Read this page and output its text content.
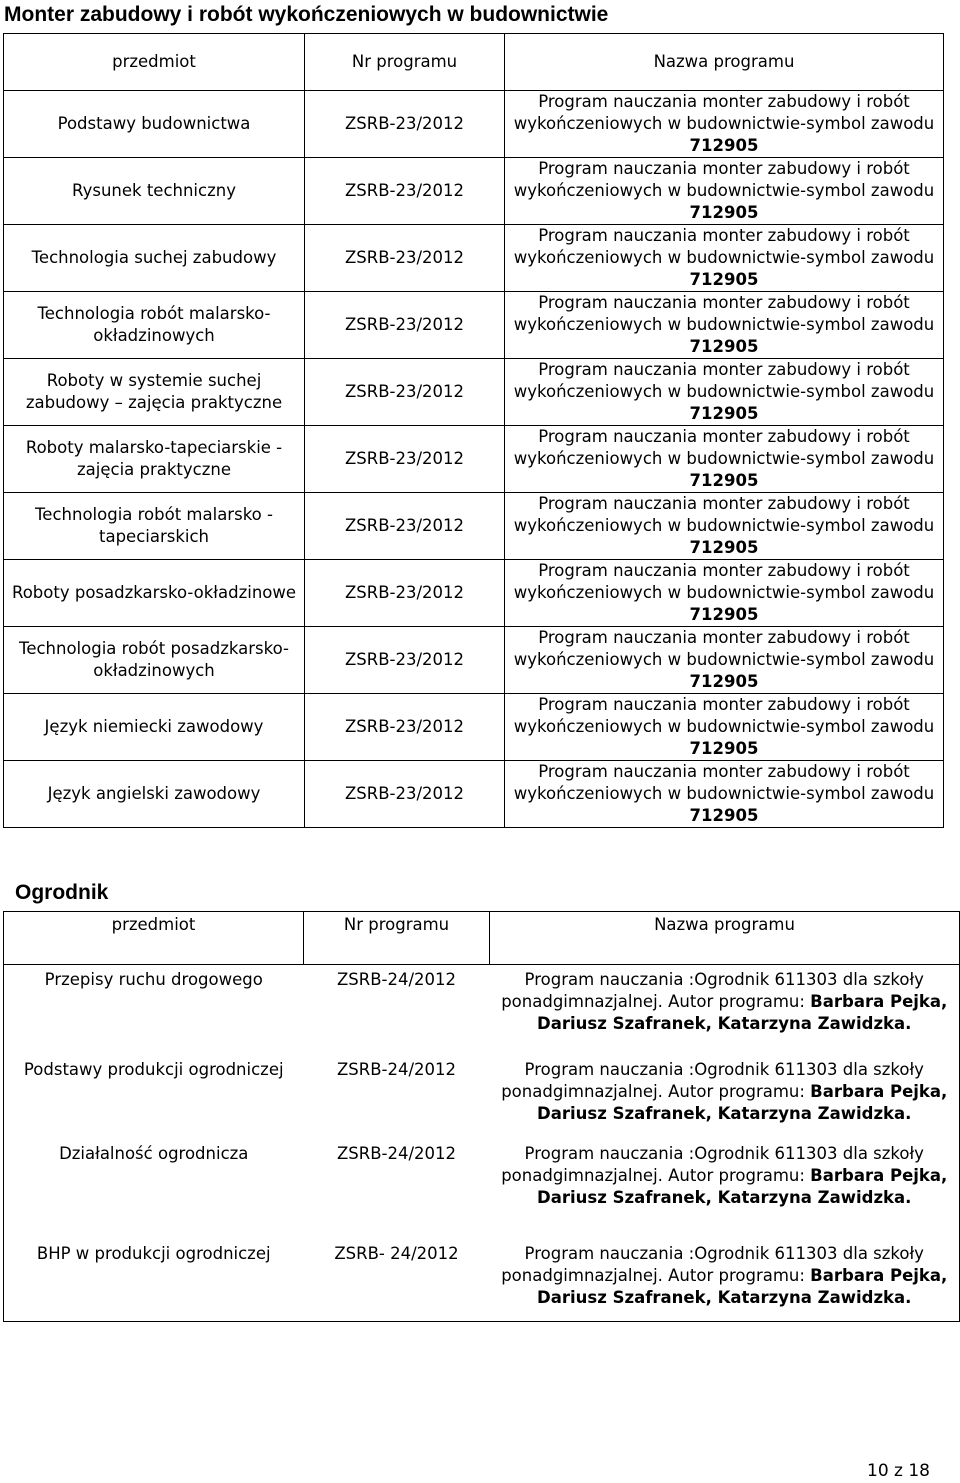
Monter zabudowy i robót wykończeniowych w budownictwie
przedmiot	Nr programu	Nazwa programu
Podstawy budownictwa	ZSRB-23/2012	Program nauczania monter zabudowy i robót wykończeniowych w budownictwie-symbol zawodu 712905
Rysunek techniczny	ZSRB-23/2012	Program nauczania monter zabudowy i robót wykończeniowych w budownictwie-symbol zawodu 712905
Technologia suchej zabudowy	ZSRB-23/2012	Program nauczania monter zabudowy i robót wykończeniowych w budownictwie-symbol zawodu 712905
Technologia robót malarsko-okładzinowych	ZSRB-23/2012	Program nauczania monter zabudowy i robót wykończeniowych w budownictwie-symbol zawodu 712905
Roboty w systemie suchej zabudowy – zajęcia praktyczne	ZSRB-23/2012	Program nauczania monter zabudowy i robót wykończeniowych w budownictwie-symbol zawodu 712905
Roboty malarsko-tapeciarskie - zajęcia praktyczne	ZSRB-23/2012	Program nauczania monter zabudowy i robót wykończeniowych w budownictwie-symbol zawodu 712905
Technologia robót malarsko - tapeciarskich	ZSRB-23/2012	Program nauczania monter zabudowy i robót wykończeniowych w budownictwie-symbol zawodu 712905
Roboty posadzkarsko-okładzinowe	ZSRB-23/2012	Program nauczania monter zabudowy i robót wykończeniowych w budownictwie-symbol zawodu 712905
Technologia robót posadzkarsko- okładzinowych	ZSRB-23/2012	Program nauczania monter zabudowy i robót wykończeniowych w budownictwie-symbol zawodu 712905
Język niemiecki zawodowy	ZSRB-23/2012	Program nauczania monter zabudowy i robót wykończeniowych w budownictwie-symbol zawodu 712905
Język angielski zawodowy	ZSRB-23/2012	Program nauczania monter zabudowy i robót wykończeniowych w budownictwie-symbol zawodu 712905
Ogrodnik
przedmiot	Nr programu	Nazwa programu
Przepisy ruchu drogowego	ZSRB-24/2012	Program nauczania :Ogrodnik 611303 dla szkoły ponadgimnazjalnej. Autor programu: Barbara Pejka, Dariusz Szafranek, Katarzyna Zawidzka.
Podstawy produkcji ogrodniczej	ZSRB-24/2012	Program nauczania :Ogrodnik 611303 dla szkoły ponadgimnazjalnej. Autor programu: Barbara Pejka, Dariusz Szafranek, Katarzyna Zawidzka.
Działalność ogrodnicza	ZSRB-24/2012	Program nauczania :Ogrodnik 611303 dla szkoły ponadgimnazjalnej. Autor programu: Barbara Pejka, Dariusz Szafranek, Katarzyna Zawidzka.
BHP w produkcji ogrodniczej	ZSRB- 24/2012	Program nauczania :Ogrodnik 611303 dla szkoły ponadgimnazjalnej. Autor programu: Barbara Pejka, Dariusz Szafranek, Katarzyna Zawidzka.
10 z 18
